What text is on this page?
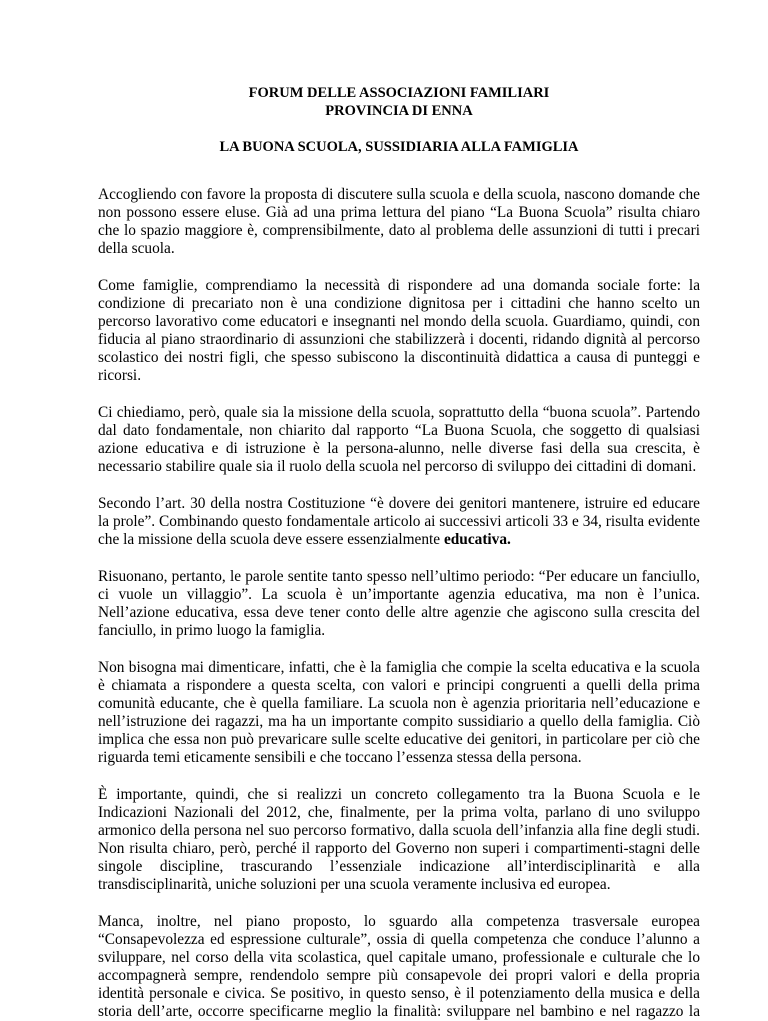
FORUM DELLE ASSOCIAZIONI FAMILIARI
PROVINCIA DI ENNA
LA BUONA SCUOLA, SUSSIDIARIA ALLA FAMIGLIA

Accogliendo con favore la proposta di discutere sulla scuola e della scuola, nascono domande che non possono essere eluse. Già ad una prima lettura del piano “La Buona Scuola” risulta chiaro che lo spazio maggiore è, comprensibilmente, dato al problema delle assunzioni di tutti i precari della scuola.

Come famiglie, comprendiamo la necessità di rispondere ad una domanda sociale forte: la condizione di precariato non è una condizione dignitosa per i cittadini che hanno scelto un percorso lavorativo come educatori e insegnanti nel mondo della scuola. Guardiamo, quindi, con fiducia al piano straordinario di assunzioni che stabilizzerà i docenti, ridando dignità al percorso scolastico dei nostri figli, che spesso subiscono la discontinuità didattica a causa di punteggi e ricorsi.

Ci chiediamo, però, quale sia la missione della scuola, soprattutto della “buona scuola”. Partendo dal dato fondamentale, non chiarito dal rapporto “La Buona Scuola, che soggetto di qualsiasi azione educativa e di istruzione è la persona-alunno, nelle diverse fasi della sua crescita, è necessario stabilire quale sia il ruolo della scuola nel percorso di sviluppo dei cittadini di domani.

Secondo l’art. 30 della nostra Costituzione “è dovere dei genitori mantenere, istruire ed educare la prole”. Combinando questo fondamentale articolo ai successivi articoli 33 e 34, risulta evidente che la missione della scuola deve essere essenzialmente educativa.

Risuonano, pertanto, le parole sentite tanto spesso nell’ultimo periodo: “Per educare un fanciullo, ci vuole un villaggio”. La scuola è un’importante agenzia educativa, ma non è l’unica. Nell’azione educativa, essa deve tener conto delle altre agenzie che agiscono sulla crescita del fanciullo, in primo luogo la famiglia.

Non bisogna mai dimenticare, infatti, che è la famiglia che compie la scelta educativa e la scuola è chiamata a rispondere a questa scelta, con valori e principi congruenti a quelli della prima comunità educante, che è quella familiare. La scuola non è agenzia prioritaria nell’educazione e nell’istruzione dei ragazzi, ma ha un importante compito sussidiario a quello della famiglia. Ciò implica che essa non può prevaricare sulle scelte educative dei genitori, in particolare per ciò che riguarda temi eticamente sensibili e che toccano l’essenza stessa della persona.

È importante, quindi, che si realizzi un concreto collegamento tra la Buona Scuola e le Indicazioni Nazionali del 2012, che, finalmente, per la prima volta, parlano di uno sviluppo armonico della persona nel suo percorso formativo, dalla scuola dell’infanzia alla fine degli studi. Non risulta chiaro, però, perché il rapporto del Governo non superi i compartimenti-stagni delle singole discipline, trascurando l’essenziale indicazione all’interdisciplinarità e alla transdisciplinarità, uniche soluzioni per una scuola veramente inclusiva ed europea.

Manca, inoltre, nel piano proposto, lo sguardo alla competenza trasversale europea “Consapevolezza ed espressione culturale”, ossia di quella competenza che conduce l’alunno a sviluppare, nel corso della vita scolastica, quel capitale umano, professionale e culturale che lo accompagnerà sempre, rendendolo sempre più consapevole dei propri valori e della propria identità personale e civica. Se positivo, in questo senso, è il potenziamento della musica e della storia dell’arte, occorre specificarne meglio la finalità: sviluppare nel bambino e nel ragazzo la
